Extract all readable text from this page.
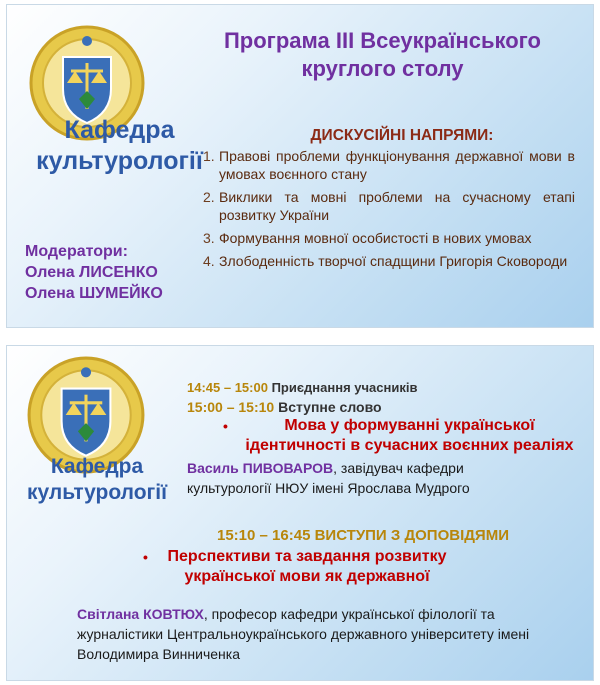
Кафедра культурології
Програма III Всеукраїнського круглого столу
ДИСКУСІЙНІ НАПРЯМИ:
1. Правові проблеми функціонування державної мови в умовах воєнного стану
2. Виклики та мовні проблеми на сучасному етапі розвитку України
3. Формування мовної особистості в нових умовах
4. Злободенність творчої спадщини Григорія Сковороди
Модератори:
Олена ЛИСЕНКО
Олена ШУМЕЙКО
Кафедра культурології
14:45 – 15:00 Приєднання учасників
15:00 – 15:10 Вступне слово
•	Мова у формуванні української ідентичності в сучасних воєнних реаліях
Василь ПИВОВАРОВ, завідувач кафедри культурології НЮУ імені Ярослава Мудрого
15:10 – 16:45 ВИСТУПИ З ДОПОВІДЯМИ
•	Перспективи та завдання розвитку української мови як державної
Світлана КОВТЮХ, професор кафедри української філології та журналістики Центральноукраїнського державного університету імені Володимира Винниченка
